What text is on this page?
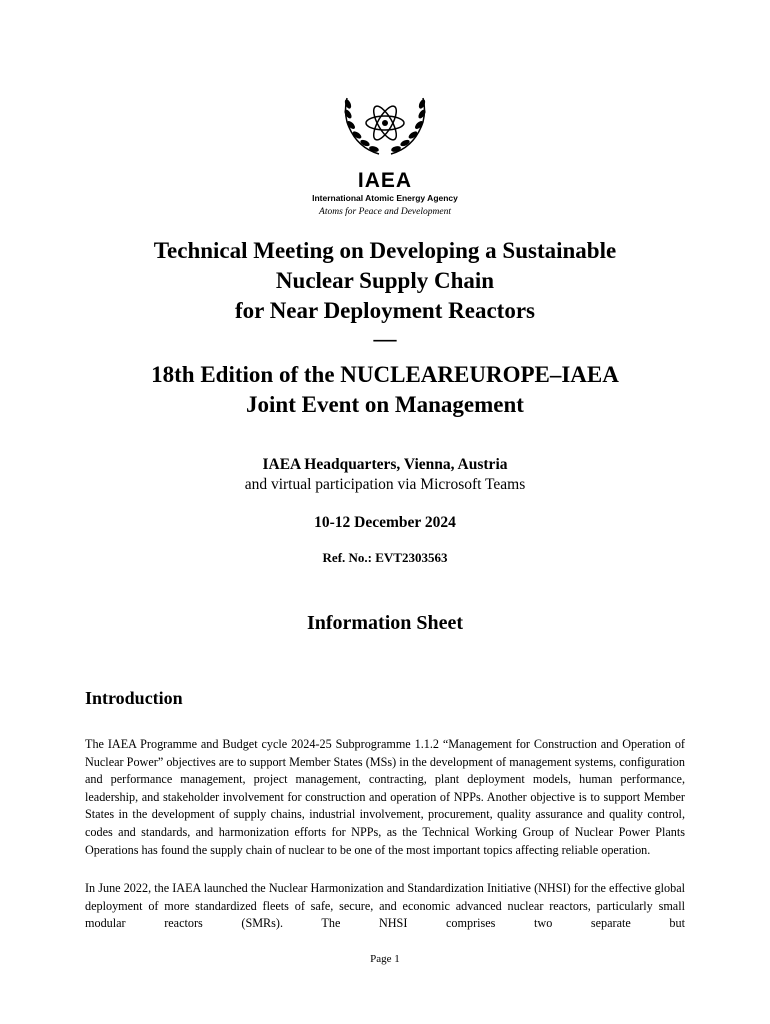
IAEA
International Atomic Energy Agency
Atoms for Peace and Development
Technical Meeting on Developing a Sustainable
Nuclear Supply Chain
for Near Deployment Reactors
—
18th Edition of the NUCLEAREUROPE–IAEA
Joint Event on Management
IAEA Headquarters, Vienna, Austria
and virtual participation via Microsoft Teams
10-12 December 2024
Ref. No.: EVT2303563
Information Sheet
Introduction

The IAEA Programme and Budget cycle 2024-25 Subprogramme 1.1.2 “Management for Construction and Operation of Nuclear Power” objectives are to support Member States (MSs) in the development of management systems, configuration and performance management, project management, contracting, plant deployment models, human performance, leadership, and stakeholder involvement for construction and operation of NPPs. Another objective is to support Member States in the development of supply chains, industrial involvement, procurement, quality assurance and quality control, codes and standards, and harmonization efforts for NPPs, as the Technical Working Group of Nuclear Power Plants Operations has found the supply chain of nuclear to be one of the most important topics affecting reliable operation.

In June 2022, the IAEA launched the Nuclear Harmonization and Standardization Initiative (NHSI) for the effective global deployment of more standardized fleets of safe, secure, and economic advanced nuclear reactors, particularly small modular reactors (SMRs). The NHSI comprises two separate but

Page 1
